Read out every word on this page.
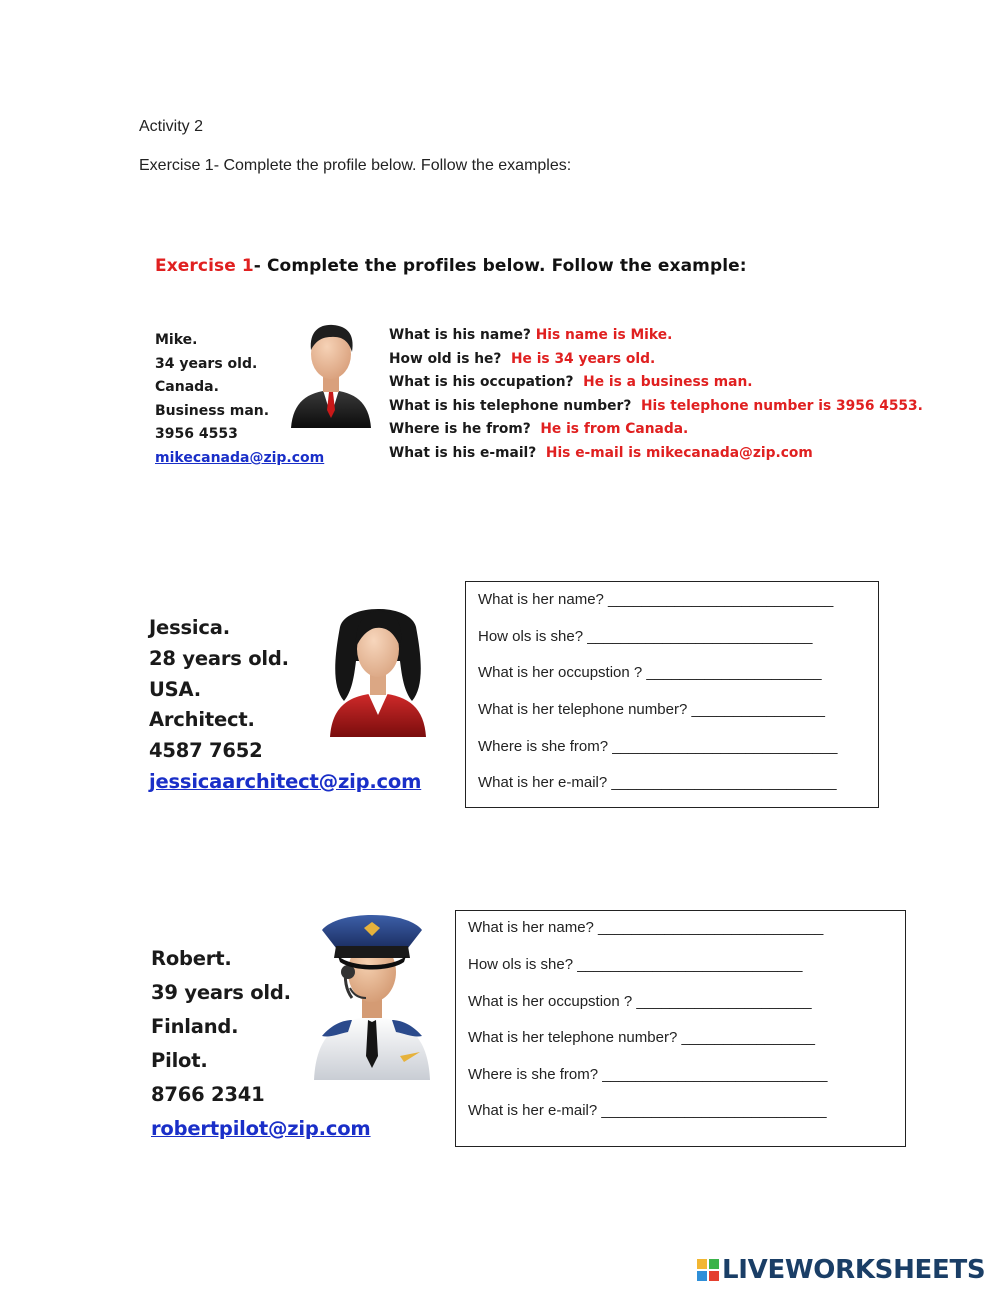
Activity 2
Exercise 1- Complete the profile below. Follow the examples:
Exercise 1- Complete the profiles below. Follow the example:
Mike.
34 years old.
Canada.
Business man.
3956 4553
mikecanada@zip.com
What is his name? His name is Mike.
How old is he? He is 34 years old.
What is his occupation? He is a business man.
What is his telephone number? His telephone number is 3956 4553.
Where is he from? He is from Canada.
What is his e-mail? His e-mail is mikecanada@zip.com
Jessica.
28 years old.
USA.
Architect.
4587 7652
jessicaarchitect@zip.com
What is her name? ___________________________
How ols is she? ___________________________
What is her occupstion ? _____________________
What is her telephone number? ________________
Where is she from? ___________________________
What is her e-mail? ___________________________
Robert.
39 years old.
Finland.
Pilot.
8766 2341
robertpilot@zip.com
What is her name? ___________________________
How ols is she? ___________________________
What is her occupstion ? _____________________
What is her telephone number? ________________
Where is she from? ___________________________
What is her e-mail? ___________________________
LIVEWORKSHEETS
